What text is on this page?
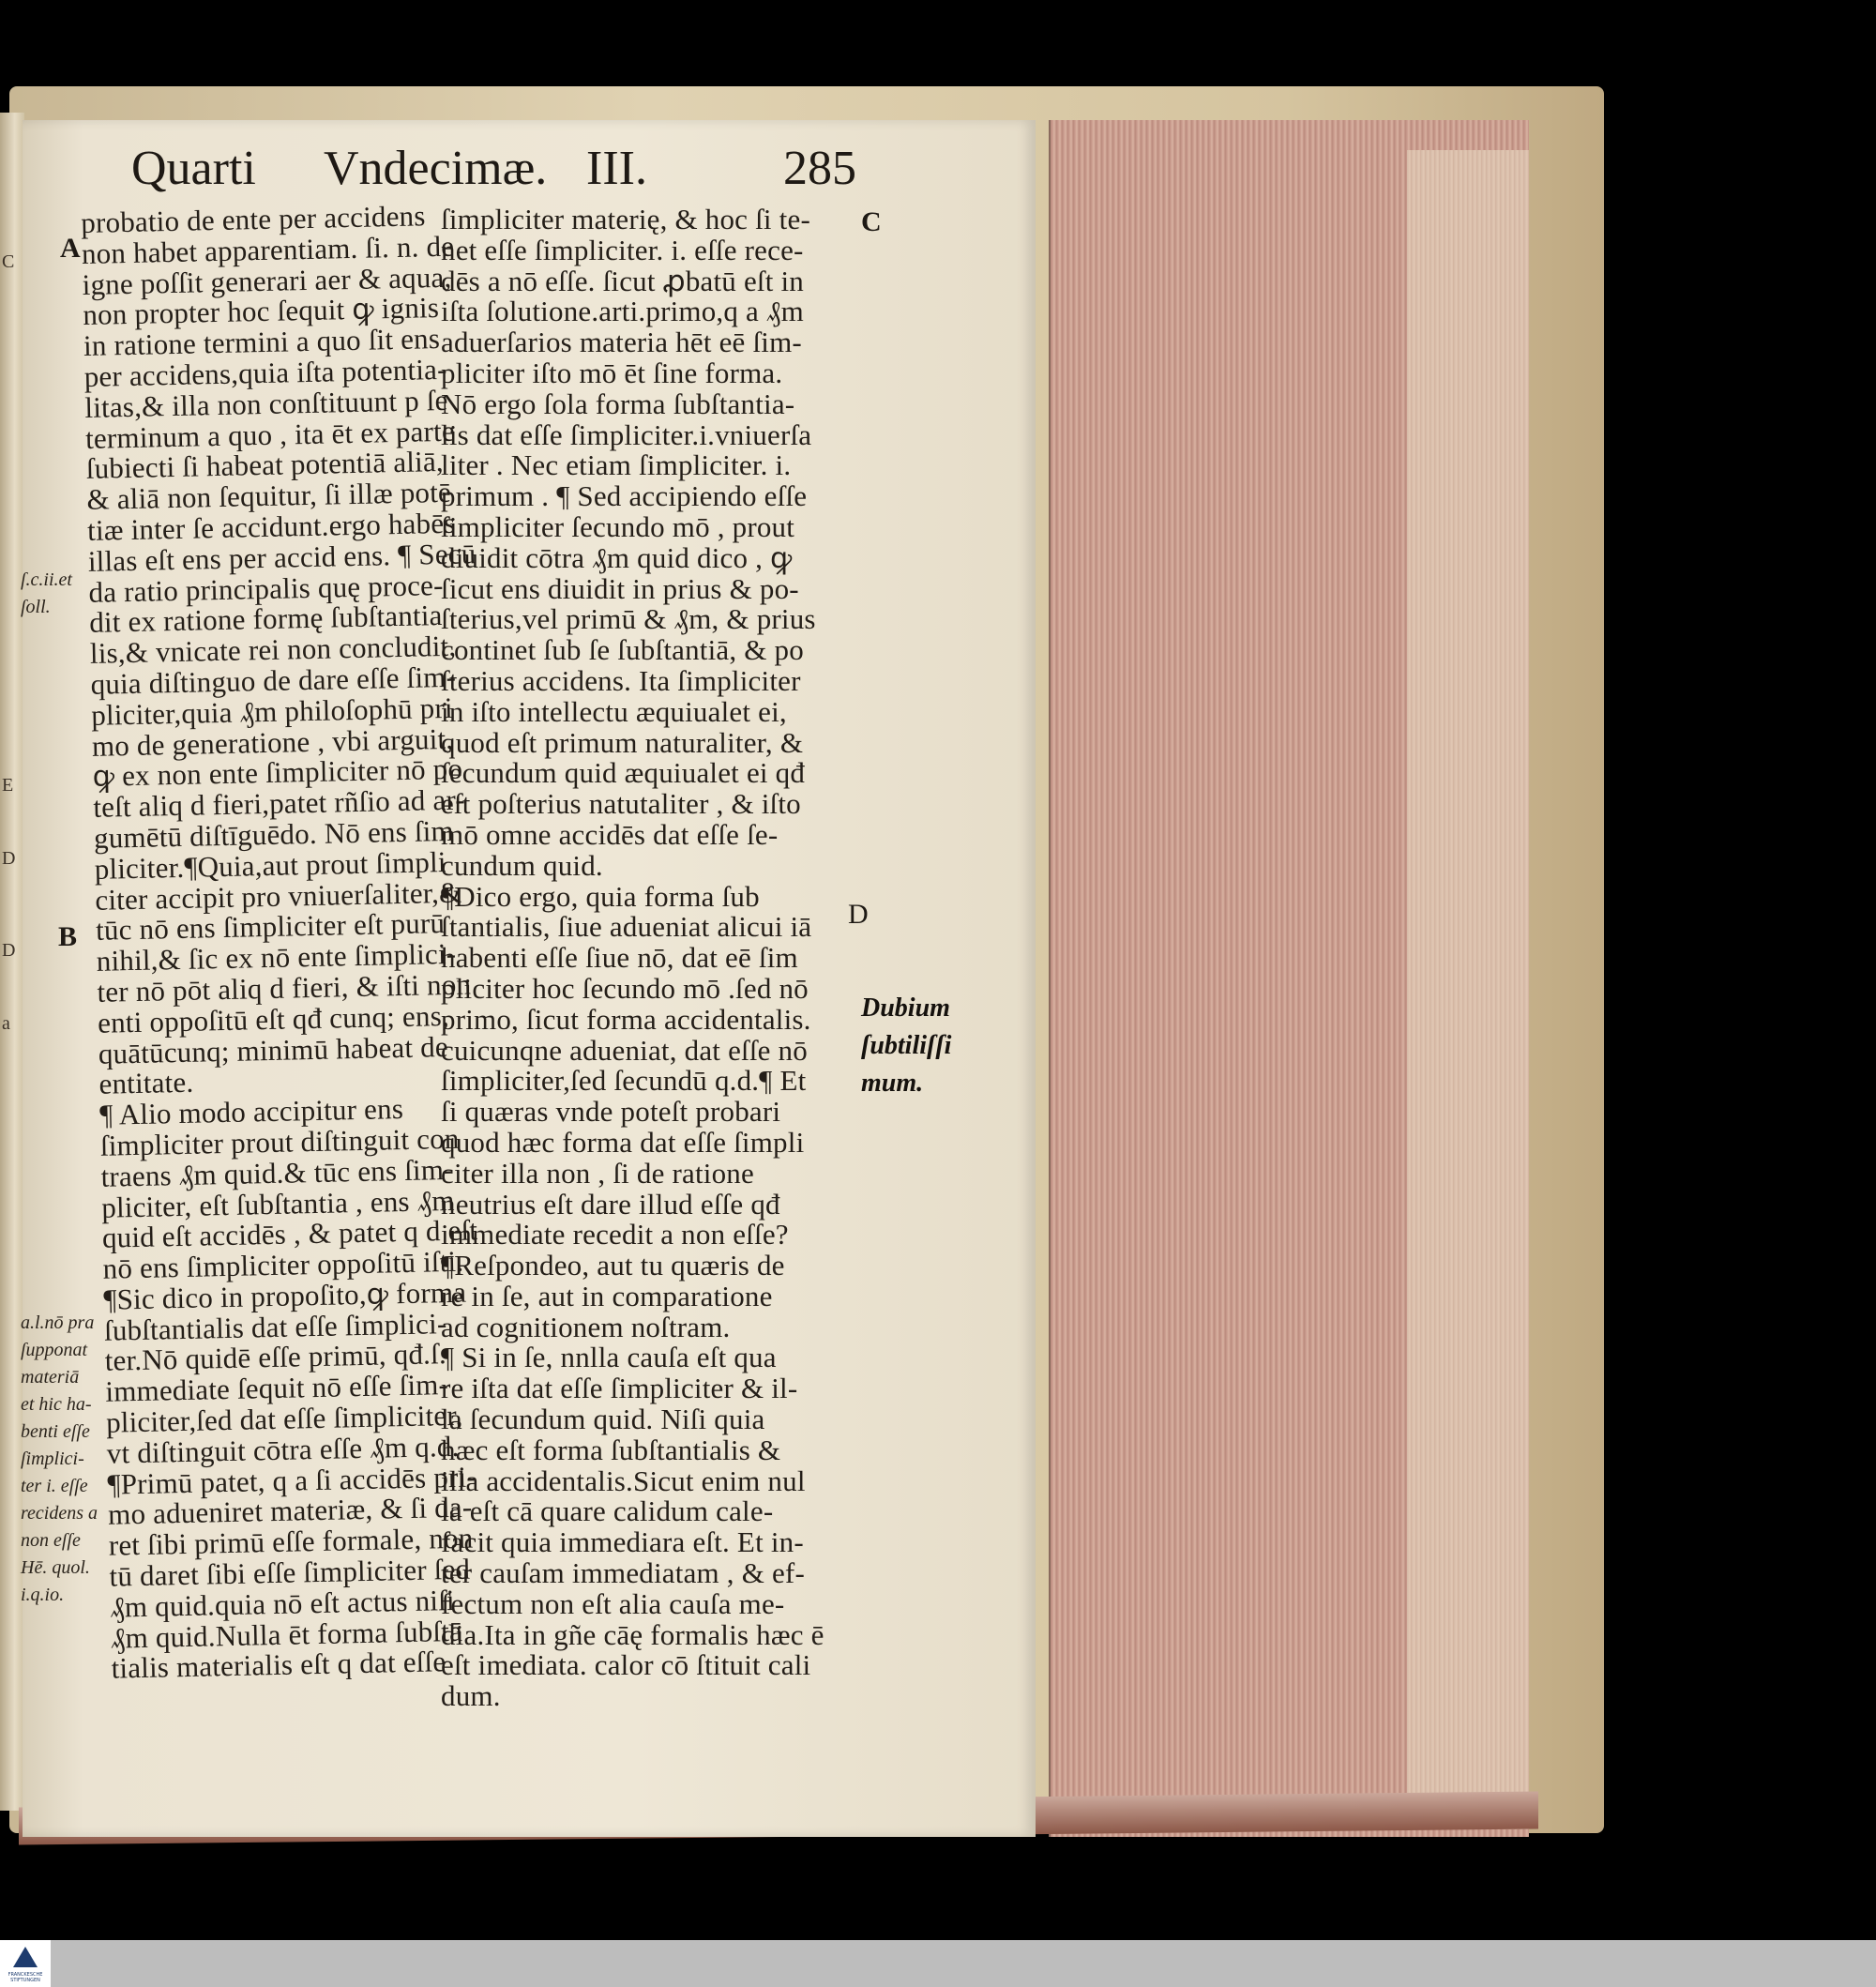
C
E
D
D
a
Quarti Vndecimæ. III.	285
A
B
C
D
ſ.c.ii.et
ſoll.
a.l.nō pra
ſupponat
materiā
et hic ha-
benti eſſe
ſimplici-
ter i. eſſe
recidens a
non eſſe
Hē. quol.
i.q.io.
Dubium
ſubtiliſſi
mum.
probatio de ente per accidens
non habet apparentiam. ſi. n. de
igne poſſit generari aer & aqua,
non propter hoc ſequit ꝙ ignis
in ratione termini a quo ſit ens
per accidens,quia iſta potentia-
litas,& illa non conſtituunt p ſe
terminum a quo , ita ēt ex parte
ſubiecti ſi habeat potentiā aliā,
& aliā non ſequitur, ſi illæ potē
tiæ inter ſe accidunt.ergo habēs
illas eſt ens per accid ens. ¶ Secū
da ratio principalis quę proce-
dit ex ratione formę ſubſtantia
lis,& vnicate rei non concludit,
quia diſtinguo de dare eſſe ſim-
pliciter,quia ₰m philoſophū pri
mo de generatione , vbi arguit,
ꝙ ex non ente ſimpliciter nō po
teſt aliq d fieri,patet rñſio ad ar-
gumētū diſtīguēdo. Nō ens ſim
pliciter.¶Quia,aut prout ſimpli
citer accipit pro vniuerſaliter,&
tūc nō ens ſimpliciter eſt purū
nihil,& ſic ex nō ente ſimplici-
ter nō pōt aliq d fieri, & iſti non
enti oppoſitū eſt qđ cunq; ens,
quātūcunq; minimū habeat de
entitate.
¶ Alio modo accipitur ens
ſimpliciter prout diſtinguit con
traens ₰m quid.& tūc ens ſim-
pliciter, eſt ſubſtantia , ens ₰m
quid eſt accidēs , & patet q d eſt
nō ens ſimpliciter oppoſitū iſti.
¶Sic dico in propoſito,ꝙ forma
ſubſtantialis dat eſſe ſimplici-
ter.Nō quidē eſſe primū, qđ.ſ.
immediate ſequit nō eſſe ſim-
pliciter,ſed dat eſſe ſimpliciter,
vt diſtinguit cōtra eſſe ₰m q.d.
¶Primū patet, q a ſi accidēs pri-
mo adueniret materiæ, & ſi da-
ret ſibi primū eſſe formale, non
tū daret ſibi eſſe ſimpliciter ſed
₰m quid.quia nō eſt actus niſi
₰m quid.Nulla ēt forma ſubſtā
tialis materialis eſt q dat eſſe
ſimpliciter materię, & hoc ſi te-
net eſſe ſimpliciter. i. eſſe rece-
dēs a nō eſſe. ſicut ꝓbatū eſt in
iſta ſolutione.arti.primo,q a ₰m
aduerſarios materia hēt eē ſim-
pliciter iſto mō ēt ſine forma.
Nō ergo ſola forma ſubſtantia-
lis dat eſſe ſimpliciter.i.vniuerſa
liter . Nec etiam ſimpliciter. i.
primum . ¶ Sed accipiendo eſſe
ſimpliciter ſecundo mō , prout
diuidit cōtra ₰m quid dico , ꝙ
ſicut ens diuidit in prius & po-
ſterius,vel primū & ₰m, & prius
continet ſub ſe ſubſtantiā, & po
ſterius accidens. Ita ſimpliciter
in iſto intellectu æquiualet ei,
quod eſt primum naturaliter, &
ſecundum quid æquiualet ei qđ
eſt poſterius natutaliter , & iſto
mō omne accidēs dat eſſe ſe-
cundum quid.
¶Dico ergo, quia forma ſub
ſtantialis, ſiue adueniat alicui iā
habenti eſſe ſiue nō, dat eē ſim
pliciter hoc ſecundo mō .ſed nō
primo, ſicut forma accidentalis.
cuicunqne adueniat, dat eſſe nō
ſimpliciter,ſed ſecundū q.d.¶ Et
ſi quæras vnde poteſt probari
quod hæc forma dat eſſe ſimpli
citer illa non , ſi de ratione
neutrius eſt dare illud eſſe qđ
immediate recedit a non eſſe?
¶Reſpondeo, aut tu quæris de
re in ſe, aut in comparatione
ad cognitionem noſtram.
¶ Si in ſe, nnlla cauſa eſt qua
re iſta dat eſſe ſimpliciter & il-
la ſecundum quid. Niſi quia
hæc eſt forma ſubſtantialis &
illa accidentalis.Sicut enim nul
la eſt cā quare calidum cale-
facit quia immediara eſt. Et in-
ter cauſam immediatam , & ef-
fectum non eſt alia cauſa me-
dia.Ita in gñe cāę formalis hæc ē
eſt imediata. calor cō ſtituit cali
dum.
FRANCKESCHE STIFTUNGEN
